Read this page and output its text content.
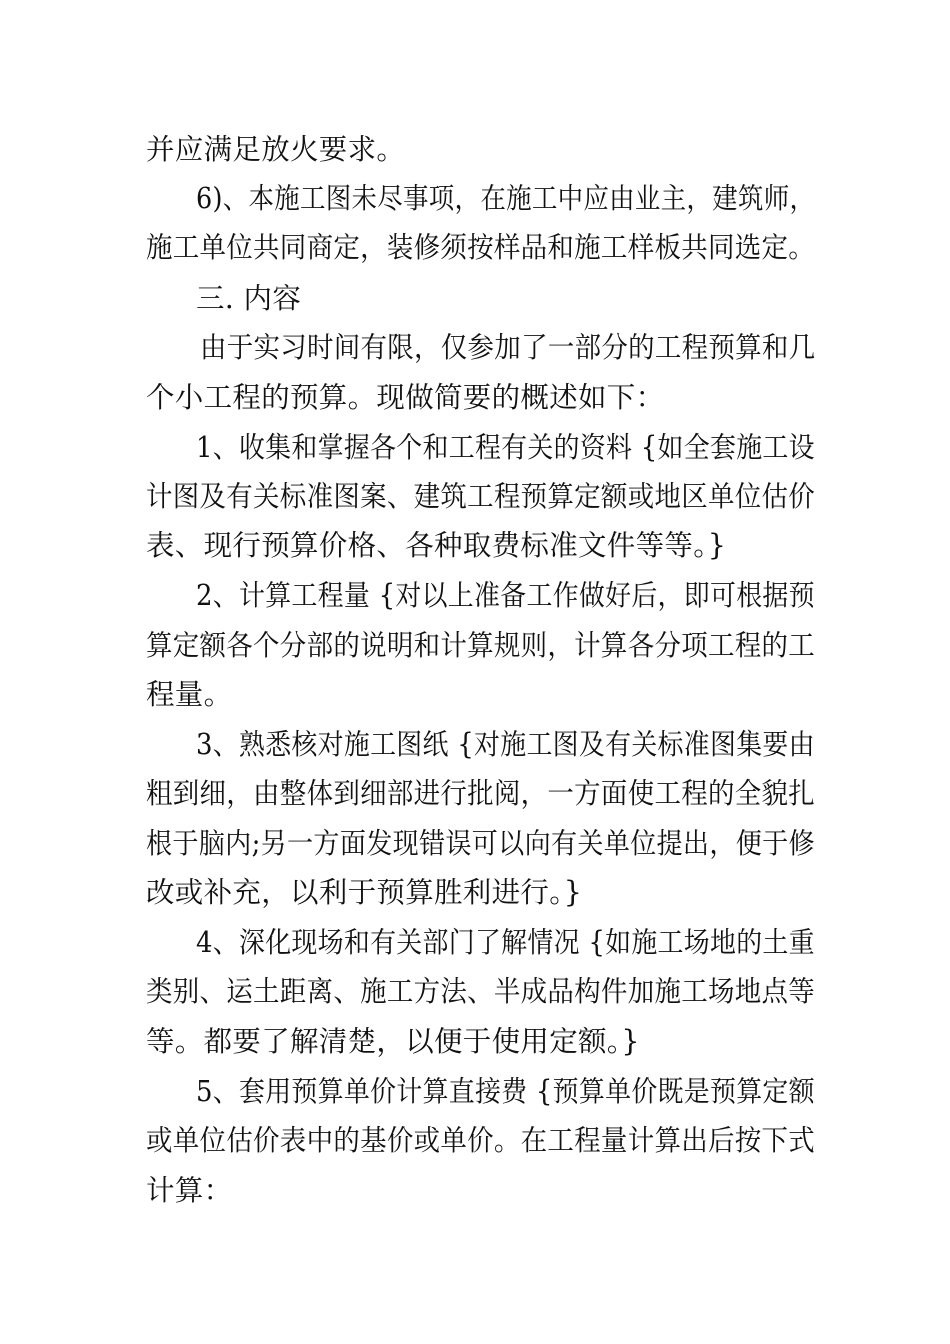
并应满足放火要求。
6)、本施工图未尽事项，在施工中应由业主，建筑师，
施工单位共同商定，装修须按样品和施工样板共同选定。
三. 内容
由于实习时间有限，仅参加了一部分的工程预算和几
个小工程的预算。现做简要的概述如下：
1、收集和掌握各个和工程有关的资料 {如全套施工设
计图及有关标准图案、建筑工程预算定额或地区单位估价
表、现行预算价格、各种取费标准文件等等。}
2、计算工程量 {对以上准备工作做好后，即可根据预
算定额各个分部的说明和计算规则，计算各分项工程的工
程量。
3、熟悉核对施工图纸 {对施工图及有关标准图集要由
粗到细，由整体到细部进行批阅，一方面使工程的全貌扎
根于脑内;另一方面发现错误可以向有关单位提出，便于修
改或补充，以利于预算胜利进行。}
4、深化现场和有关部门了解情况 {如施工场地的土重
类别、运土距离、施工方法、半成品构件加施工场地点等
等。都要了解清楚，以便于使用定额。}
5、套用预算单价计算直接费 {预算单价既是预算定额
或单位估价表中的基价或单价。在工程量计算出后按下式
计算：
